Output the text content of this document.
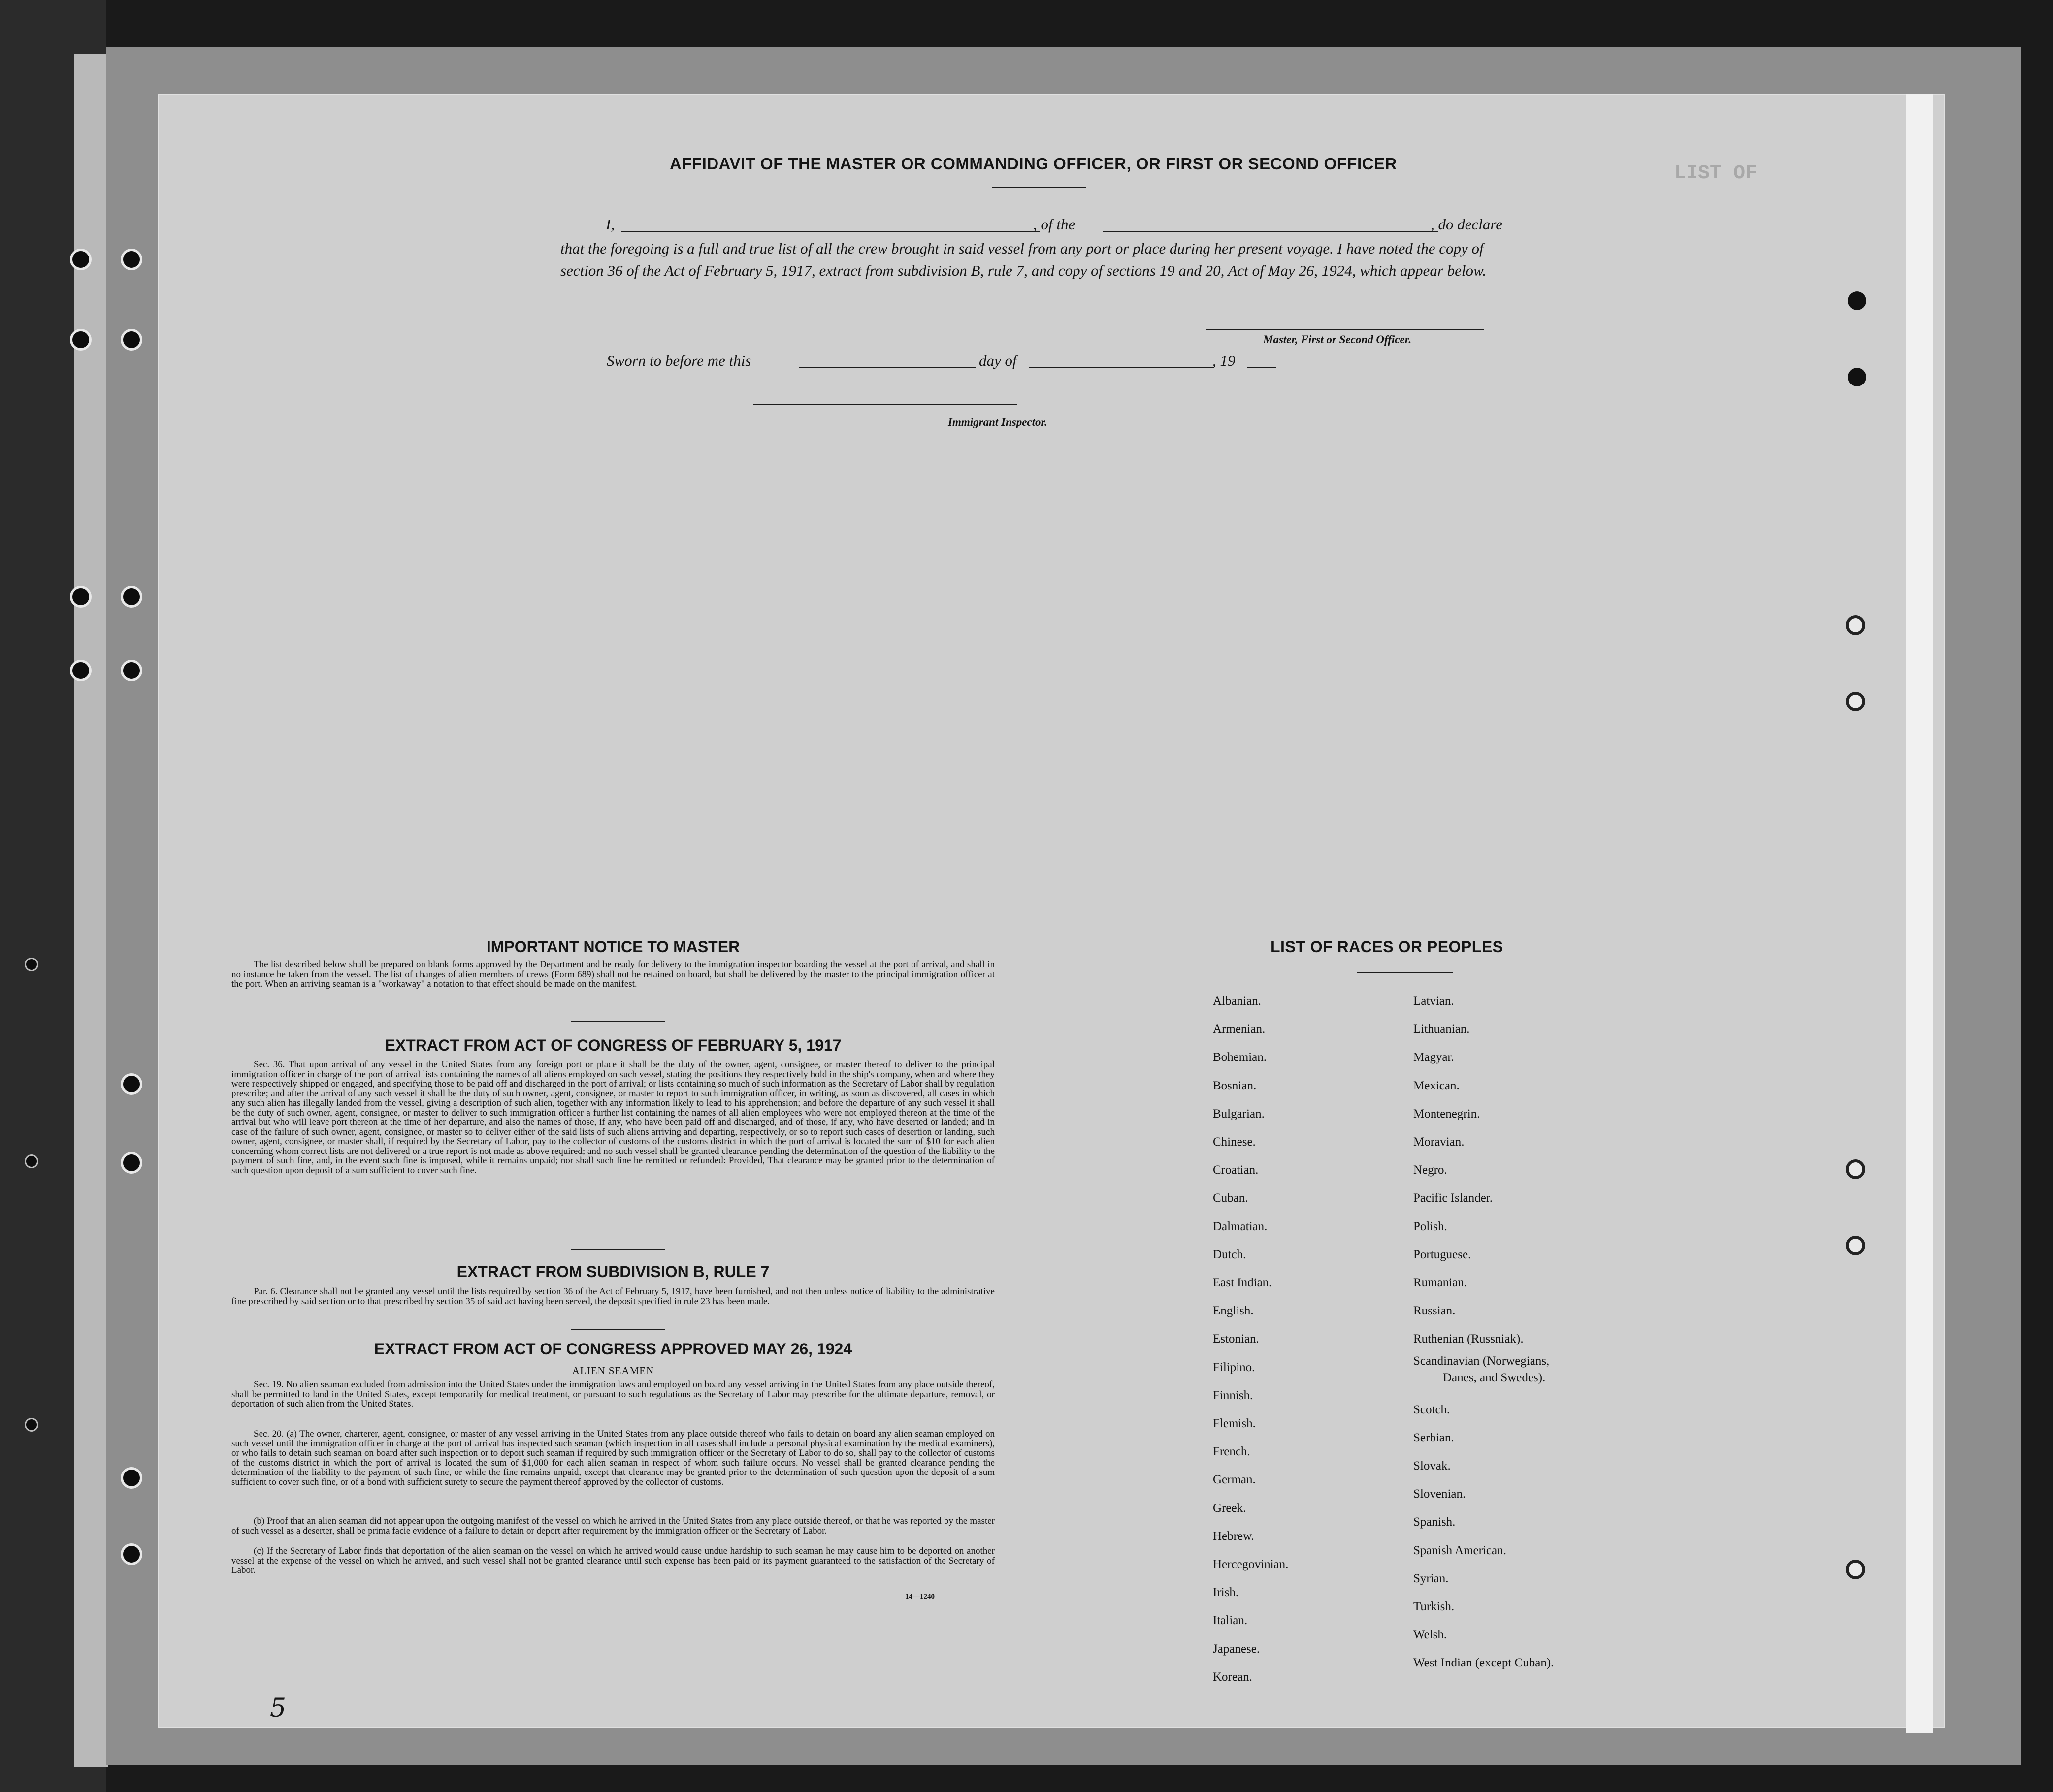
LIST OF
AFFIDAVIT OF THE MASTER OR COMMANDING OFFICER, OR FIRST OR SECOND OFFICER
I,	, of the	, do declare
that the foregoing is a full and true list of all the crew brought in said vessel from any port or place during her present voyage. I have noted the copy of section 36 of the Act of February 5, 1917, extract from subdivision B, rule 7, and copy of sections 19 and 20, Act of May 26, 1924, which appear below.
Master, First or Second Officer.
Sworn to before me this	day of	, 19
Immigrant Inspector.
IMPORTANT NOTICE TO MASTER
The list described below shall be prepared on blank forms approved by the Department and be ready for delivery to the immigration inspector boarding the vessel at the port of arrival, and shall in no instance be taken from the vessel. The list of changes of alien members of crews (Form 689) shall not be retained on board, but shall be delivered by the master to the principal immigration officer at the port. When an arriving seaman is a "workaway" a notation to that effect should be made on the manifest.
EXTRACT FROM ACT OF CONGRESS OF FEBRUARY 5, 1917
Sec. 36. That upon arrival of any vessel in the United States from any foreign port or place it shall be the duty of the owner, agent, consignee, or master thereof to deliver to the principal immigration officer in charge of the port of arrival lists containing the names of all aliens employed on such vessel, stating the positions they respectively hold in the ship's company, when and where they were respectively shipped or engaged, and specifying those to be paid off and discharged in the port of arrival; or lists containing so much of such information as the Secretary of Labor shall by regulation prescribe; and after the arrival of any such vessel it shall be the duty of such owner, agent, consignee, or master to report to such immigration officer, in writing, as soon as discovered, all cases in which any such alien has illegally landed from the vessel, giving a description of such alien, together with any information likely to lead to his apprehension; and before the departure of any such vessel it shall be the duty of such owner, agent, consignee, or master to deliver to such immigration officer a further list containing the names of all alien employees who were not employed thereon at the time of the arrival but who will leave port thereon at the time of her departure, and also the names of those, if any, who have been paid off and discharged, and of those, if any, who have deserted or landed; and in case of the failure of such owner, agent, consignee, or master so to deliver either of the said lists of such aliens arriving and departing, respectively, or so to report such cases of desertion or landing, such owner, agent, consignee, or master shall, if required by the Secretary of Labor, pay to the collector of customs of the customs district in which the port of arrival is located the sum of $10 for each alien concerning whom correct lists are not delivered or a true report is not made as above required; and no such vessel shall be granted clearance pending the determination of the question of the liability to the payment of such fine, and, in the event such fine is imposed, while it remains unpaid; nor shall such fine be remitted or refunded: Provided, That clearance may be granted prior to the determination of such question upon deposit of a sum sufficient to cover such fine.
EXTRACT FROM SUBDIVISION B, RULE 7
Par. 6. Clearance shall not be granted any vessel until the lists required by section 36 of the Act of February 5, 1917, have been furnished, and not then unless notice of liability to the administrative fine prescribed by said section or to that prescribed by section 35 of said act having been served, the deposit specified in rule 23 has been made.
EXTRACT FROM ACT OF CONGRESS APPROVED MAY 26, 1924
ALIEN SEAMEN
Sec. 19. No alien seaman excluded from admission into the United States under the immigration laws and employed on board any vessel arriving in the United States from any place outside thereof, shall be permitted to land in the United States, except temporarily for medical treatment, or pursuant to such regulations as the Secretary of Labor may prescribe for the ultimate departure, removal, or deportation of such alien from the United States.
Sec. 20. (a) The owner, charterer, agent, consignee, or master of any vessel arriving in the United States from any place outside thereof who fails to detain on board any alien seaman employed on such vessel until the immigration officer in charge at the port of arrival has inspected such seaman (which inspection in all cases shall include a personal physical examination by the medical examiners), or who fails to detain such seaman on board after such inspection or to deport such seaman if required by such immigration officer or the Secretary of Labor to do so, shall pay to the collector of customs of the customs district in which the port of arrival is located the sum of $1,000 for each alien seaman in respect of whom such failure occurs. No vessel shall be granted clearance pending the determination of the liability to the payment of such fine, or while the fine remains unpaid, except that clearance may be granted prior to the determination of such question upon the deposit of a sum sufficient to cover such fine, or of a bond with sufficient surety to secure the payment thereof approved by the collector of customs.
(b) Proof that an alien seaman did not appear upon the outgoing manifest of the vessel on which he arrived in the United States from any place outside thereof, or that he was reported by the master of such vessel as a deserter, shall be prima facie evidence of a failure to detain or deport after requirement by the immigration officer or the Secretary of Labor.
(c) If the Secretary of Labor finds that deportation of the alien seaman on the vessel on which he arrived would cause undue hardship to such seaman he may cause him to be deported on another vessel at the expense of the vessel on which he arrived, and such vessel shall not be granted clearance until such expense has been paid or its payment guaranteed to the satisfaction of the Secretary of Labor.
14—1240
LIST OF RACES OR PEOPLES
Albanian.
Armenian.
Bohemian.
Bosnian.
Bulgarian.
Chinese.
Croatian.
Cuban.
Dalmatian.
Dutch.
East Indian.
English.
Estonian.
Filipino.
Finnish.
Flemish.
French.
German.
Greek.
Hebrew.
Hercegovinian.
Irish.
Italian.
Japanese.
Korean.
Latvian.
Lithuanian.
Magyar.
Mexican.
Montenegrin.
Moravian.
Negro.
Pacific Islander.
Polish.
Portuguese.
Rumanian.
Russian.
Ruthenian (Russniak).
Scandinavian (Norwegians,
Danes, and Swedes).
Scotch.
Serbian.
Slovak.
Slovenian.
Spanish.
Spanish American.
Syrian.
Turkish.
Welsh.
West Indian (except Cuban).
5
